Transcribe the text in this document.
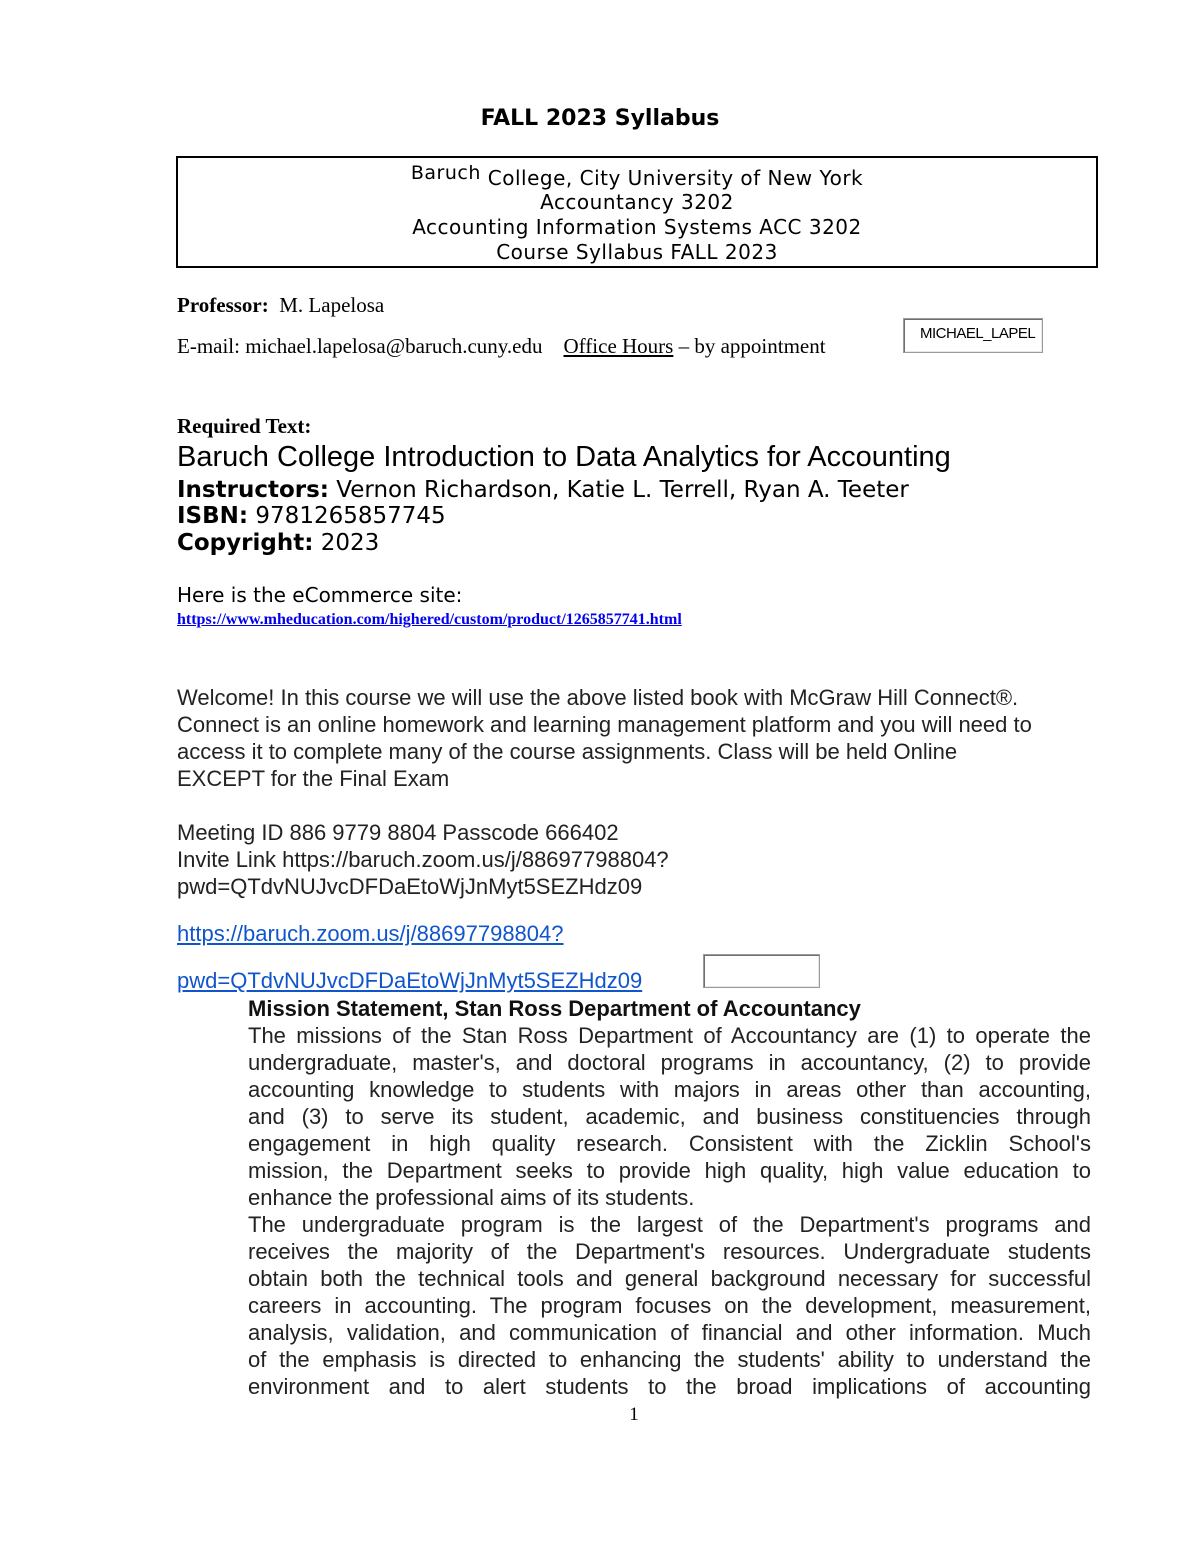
FALL 2023 Syllabus
Baruch College, City University of New York
Accountancy 3202
Accounting Information Systems ACC 3202
Course Syllabus FALL 2023
Professor: M. Lapelosa
E-mail: michael.lapelosa@baruch.cuny.edu Office Hours – by appointment
MICHAEL_LAPEL
Required Text:
Baruch College Introduction to Data Analytics for Accounting
Instructors: Vernon Richardson, Katie L. Terrell, Ryan A. Teeter
ISBN: 9781265857745
Copyright: 2023
Here is the eCommerce site:
https://www.mheducation.com/highered/custom/product/1265857741.html
Welcome! In this course we will use the above listed book with McGraw Hill Connect®.
Connect is an online homework and learning management platform and you will need to
access it to complete many of the course assignments. Class will be held Online
EXCEPT for the Final Exam
Meeting ID 886 9779 8804 Passcode 666402
Invite Link https://baruch.zoom.us/j/88697798804?
pwd=QTdvNUJvcDFDaEtoWjJnMyt5SEZHdz09
https://baruch.zoom.us/j/88697798804?
pwd=QTdvNUJvcDFDaEtoWjJnMyt5SEZHdz09
Mission Statement, Stan Ross Department of Accountancy
The missions of the Stan Ross Department of Accountancy are (1) to operate the
undergraduate, master's, and doctoral programs in accountancy, (2) to provide
accounting knowledge to students with majors in areas other than accounting,
and (3) to serve its student, academic, and business constituencies through
engagement in high quality research. Consistent with the Zicklin School's
mission, the Department seeks to provide high quality, high value education to
enhance the professional aims of its students.
The undergraduate program is the largest of the Department's programs and
receives the majority of the Department's resources. Undergraduate students
obtain both the technical tools and general background necessary for successful
careers in accounting. The program focuses on the development, measurement,
analysis, validation, and communication of financial and other information. Much
of the emphasis is directed to enhancing the students' ability to understand the
environment and to alert students to the broad implications of accounting
1
